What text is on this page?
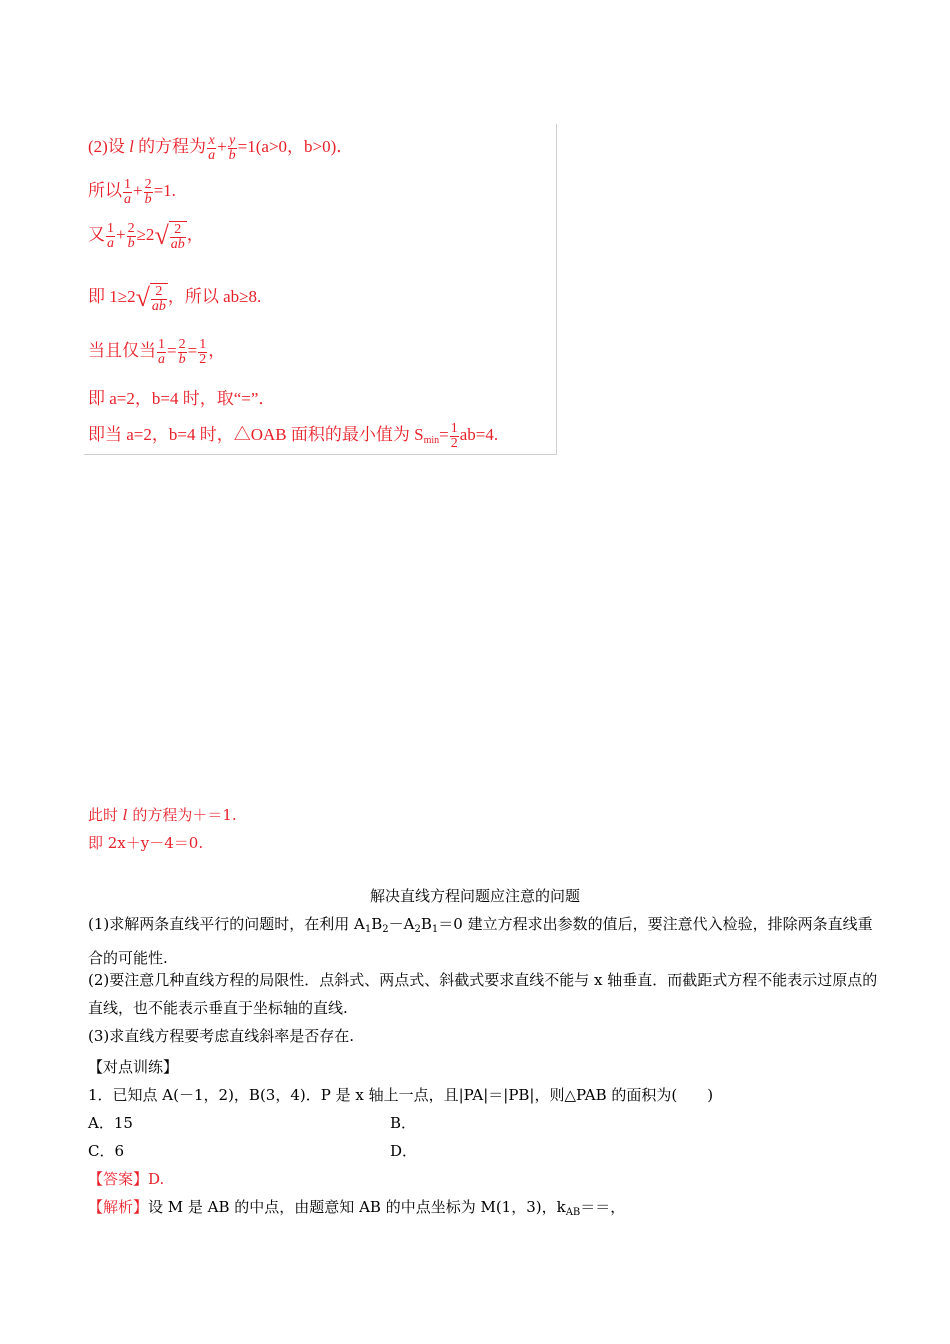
(2)设 l 的方程为 $\frac{x}{a} + \frac{y}{b} =1(a>0$，b>0)．
所以 $\frac{1}{a} + \frac{2}{b} =1$.
又 $\frac{1}{a} + \frac{2}{b} \ge 2√ \frac{2}{ab}$ ，
即 $1\ge 2√ \frac{2}{ab}$ ，所以 ab≥8.
当且仅当 $\frac{1}{a} = \frac{2}{b} = \frac{1}{2}$ ，
即 a=2，b=4 时，取“=”．
即当 a=2，b=4 时，△OAB 面积的最小值为 $S_{min}= \frac{1}{2} ab=4$.
此时 l 的方程为＋＝1.
即 2x＋y－4＝0.
解决直线方程问题应注意的问题
(1)求解两条直线平行的问题时，在利用 $A_1B_2-A_2B_1=0$ 建立方程求出参数的值后，要注意代入检验，排除两条直线重合的可能性.
(2)要注意几种直线方程的局限性．点斜式、两点式、斜截式要求直线不能与 x 轴垂直．而截距式方程不能表示过原点的直线，也不能表示垂直于坐标轴的直线.
(3)求直线方程要考虑直线斜率是否存在.
【对点训练】
1．已知点 A(－1，2)，B(3，4)．P 是 x 轴上一点，且|PA|＝|PB|，则△PAB 的面积为(　　)
A．15	B．
C．6	D．
【答案】D.
【解析】设 M 是 AB 的中点，由题意知 AB 的中点坐标为 M(1，3)，$k_{AB}==$，
